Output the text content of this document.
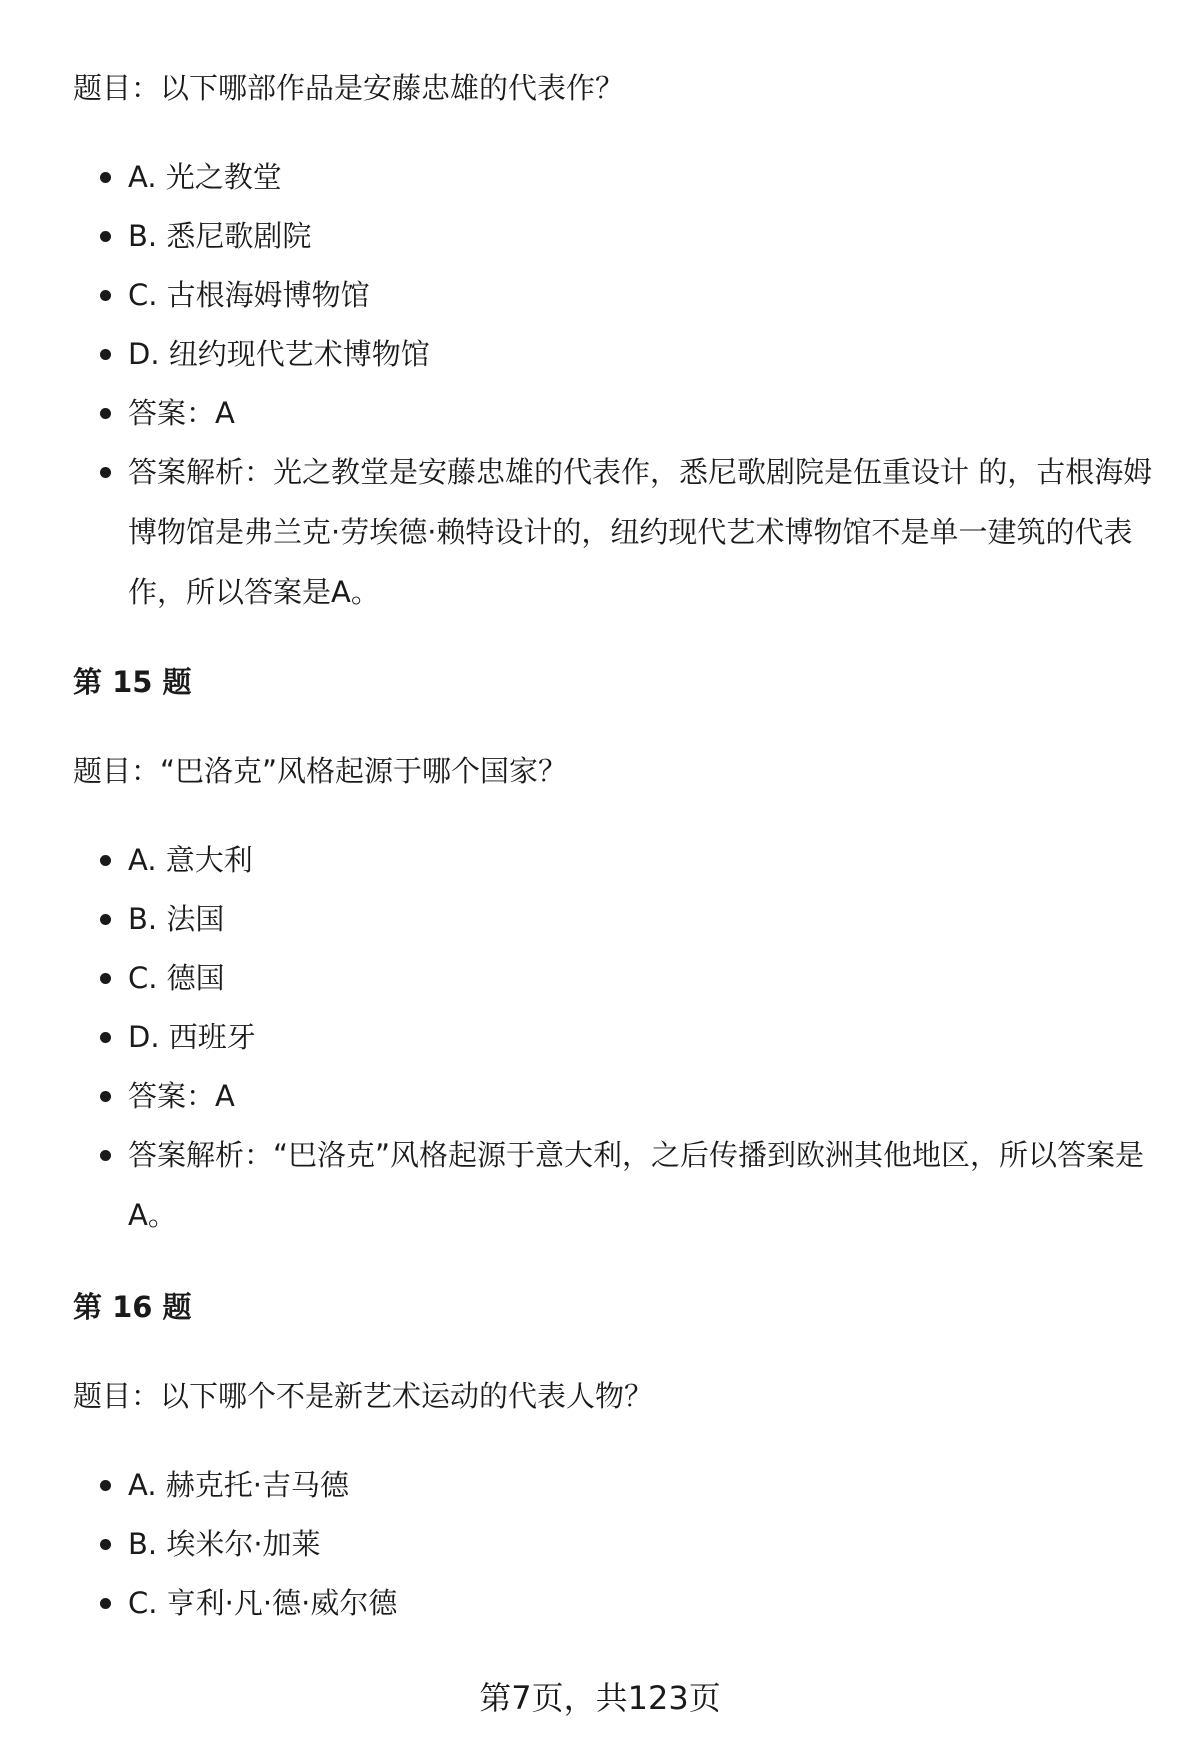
题目：以下哪部作品是安藤忠雄的代表作？
A. 光之教堂
B. 悉尼歌剧院
C. 古根海姆博物馆
D. 纽约现代艺术博物馆
答案：A
答案解析：光之教堂是安藤忠雄的代表作，悉尼歌剧院是伍重设计 的，古根海姆博物馆是弗兰克·劳埃德·赖特设计的，纽约现代艺术博物馆不是单一建筑的代表作，所以答案是A。
第 15 题
题目：“巴洛克”风格起源于哪个国家？
A. 意大利
B. 法国
C. 德国
D. 西班牙
答案：A
答案解析：“巴洛克”风格起源于意大利，之后传播到欧洲其他地区，所以答案是A。
第 16 题
题目：以下哪个不是新艺术运动的代表人物？
A. 赫克托·吉马德
B. 埃米尔·加莱
C. 亨利·凡·德·威尔德
第7页，共123页
